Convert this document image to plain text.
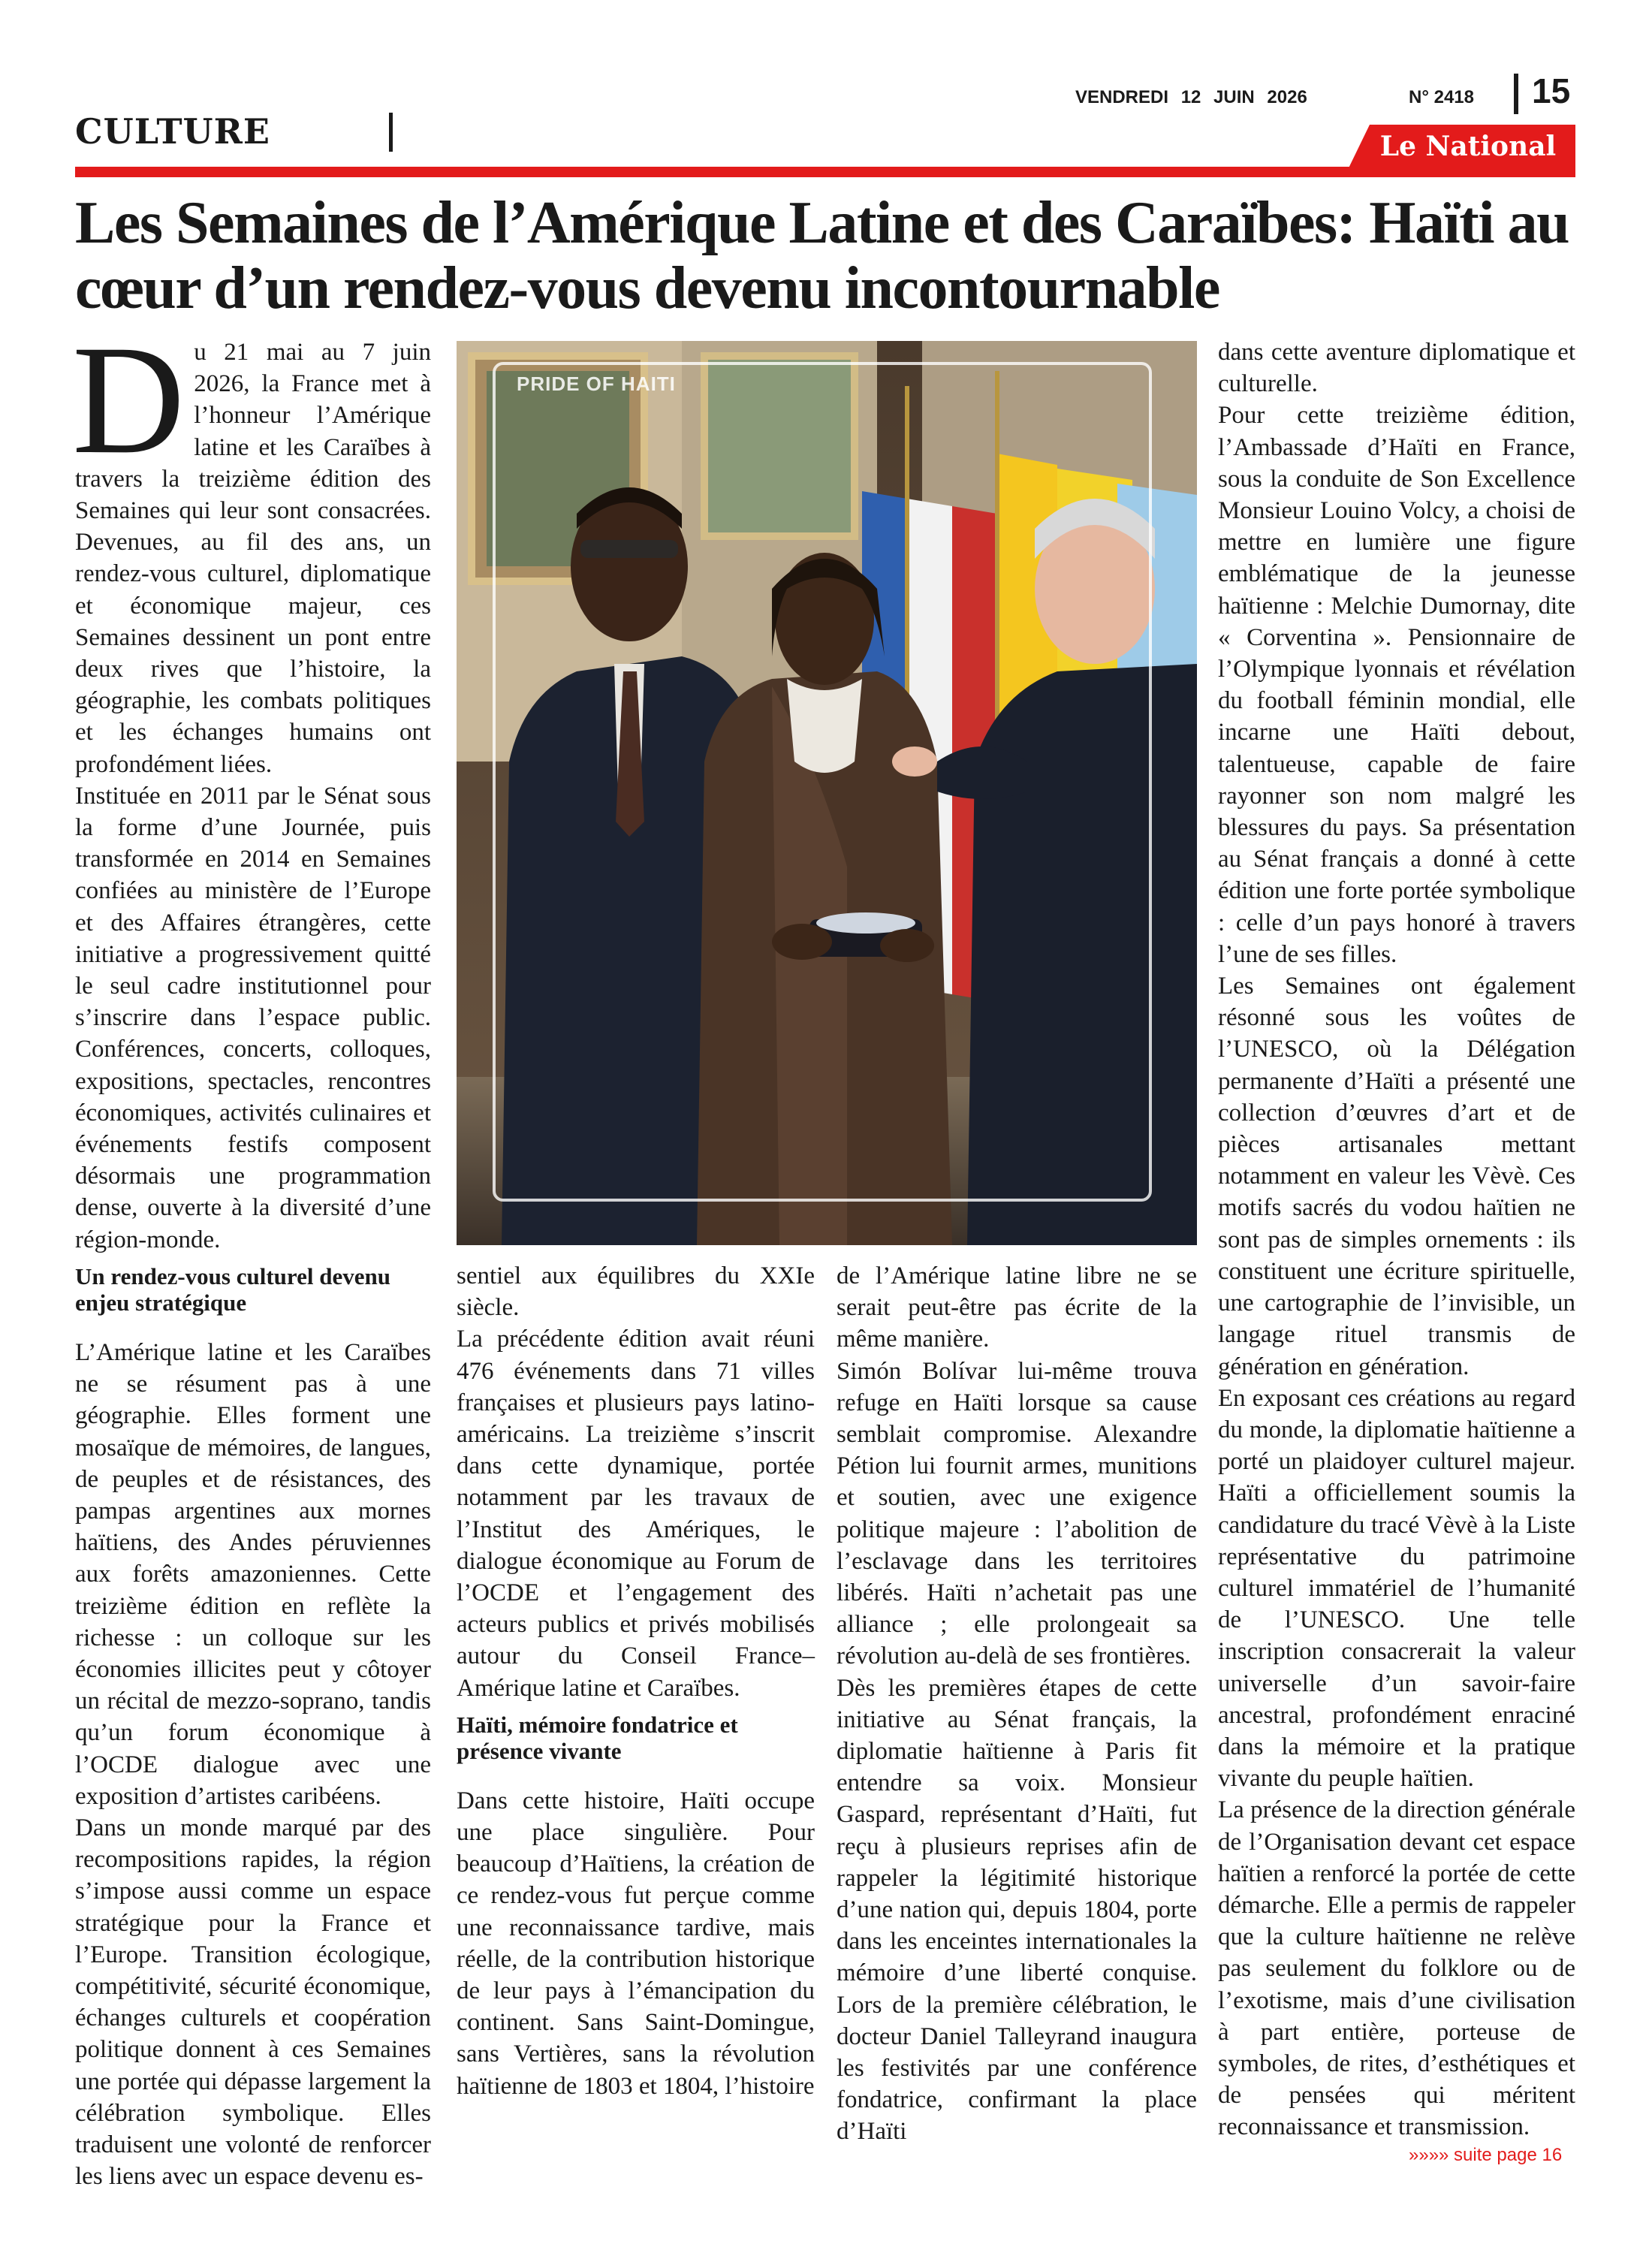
CULTURE
VENDREDI 12 JUIN 2026	N° 2418 15
Le National
Les Semaines de l’Amérique Latine et des Caraïbes: Haïti au cœur d’un rendez-vous devenu incontournable

Du 21 mai au 7 juin 2026, la France met à l’honneur l’Amérique latine et les Caraïbes à travers la treizième édition des Semaines qui leur sont consacrées. Devenues, au fil des ans, un rendez-vous culturel, diplomatique et économique majeur, ces Semaines dessinent un pont entre deux rives que l’histoire, la géographie, les combats politiques et les échanges humains ont profondément liées.

Instituée en 2011 par le Sénat sous la forme d’une Journée, puis transformée en 2014 en Semaines confiées au ministère de l’Europe et des Affaires étrangères, cette initiative a progressivement quitté le seul cadre institutionnel pour s’inscrire dans l’espace public. Conférences, concerts, colloques, expositions, spectacles, rencontres économiques, activités culinaires et événements festifs composent désormais une programmation dense, ouverte à la diversité d’une région-monde.

Un rendez-vous culturel devenu enjeu stratégique

L’Amérique latine et les Caraïbes ne se résument pas à une géographie. Elles forment une mosaïque de mémoires, de langues, de peuples et de résistances, des pampas argentines aux mornes haïtiens, des Andes péruviennes aux forêts amazoniennes. Cette treizième édition en reflète la richesse : un colloque sur les économies illicites peut y côtoyer un récital de mezzo-soprano, tandis qu’un forum économique à l’OCDE dialogue avec une exposition d’artistes caribéens.

Dans un monde marqué par des recompositions rapides, la région s’impose aussi comme un espace stratégique pour la France et l’Europe. Transition écologique, compétitivité, sécurité économique, échanges culturels et coopération politique donnent à ces Semaines une portée qui dépasse largement la célébration symbolique. Elles traduisent une volonté de renforcer les liens avec un espace devenu es-

PRIDE OF HAITI

sentiel aux équilibres du XXIe siècle.

La précédente édition avait réuni 476 événements dans 71 villes françaises et plusieurs pays latino-américains. La treizième s’inscrit dans cette dynamique, portée notamment par les travaux de l’Institut des Amériques, le dialogue économique au Forum de l’OCDE et l’engagement des acteurs publics et privés mobilisés autour du Conseil France–Amérique latine et Caraïbes.

Haïti, mémoire fondatrice et présence vivante

Dans cette histoire, Haïti occupe une place singulière. Pour beaucoup d’Haïtiens, la création de ce rendez-vous fut perçue comme une reconnaissance tardive, mais réelle, de la contribution historique de leur pays à l’émancipation du continent. Sans Saint-Domingue, sans Vertières, sans la révolution haïtienne de 1803 et 1804, l’histoire

de l’Amérique latine libre ne se serait peut-être pas écrite de la même manière.

Simón Bolívar lui-même trouva refuge en Haïti lorsque sa cause semblait compromise. Alexandre Pétion lui fournit armes, munitions et soutien, avec une exigence politique majeure : l’abolition de l’esclavage dans les territoires libérés. Haïti n’achetait pas une alliance ; elle prolongeait sa révolution au-delà de ses frontières.

Dès les premières étapes de cette initiative au Sénat français, la diplomatie haïtienne à Paris fit entendre sa voix. Monsieur Gaspard, représentant d’Haïti, fut reçu à plusieurs reprises afin de rappeler la légitimité historique d’une nation qui, depuis 1804, porte dans les enceintes internationales la mémoire d’une liberté conquise. Lors de la première célébration, le docteur Daniel Talleyrand inaugura les festivités par une conférence fondatrice, confirmant la place d’Haïti

dans cette aventure diplomatique et culturelle.

Pour cette treizième édition, l’Ambassade d’Haïti en France, sous la conduite de Son Excellence Monsieur Louino Volcy, a choisi de mettre en lumière une figure emblématique de la jeunesse haïtienne : Melchie Dumornay, dite « Corventina ». Pensionnaire de l’Olympique lyonnais et révélation du football féminin mondial, elle incarne une Haïti debout, talentueuse, capable de faire rayonner son nom malgré les blessures du pays. Sa présentation au Sénat français a donné à cette édition une forte portée symbolique : celle d’un pays honoré à travers l’une de ses filles.

Les Semaines ont également résonné sous les voûtes de l’UNESCO, où la Délégation permanente d’Haïti a présenté une collection d’œuvres d’art et de pièces artisanales mettant notamment en valeur les Vèvè. Ces motifs sacrés du vodou haïtien ne sont pas de simples ornements : ils constituent une écriture spirituelle, une cartographie de l’invisible, un langage rituel transmis de génération en génération.

En exposant ces créations au regard du monde, la diplomatie haïtienne a porté un plaidoyer culturel majeur. Haïti a officiellement soumis la candidature du tracé Vèvè à la Liste représentative du patrimoine culturel immatériel de l’humanité de l’UNESCO. Une telle inscription consacrerait la valeur universelle d’un savoir-faire ancestral, profondément enraciné dans la mémoire et la pratique vivante du peuple haïtien.

La présence de la direction générale de l’Organisation devant cet espace haïtien a renforcé la portée de cette démarche. Elle a permis de rappeler que la culture haïtienne ne relève pas seulement du folklore ou de l’exotisme, mais d’une civilisation à part entière, porteuse de symboles, de rites, d’esthétiques et de pensées qui méritent reconnaissance et transmission.

»»»» suite page 16
